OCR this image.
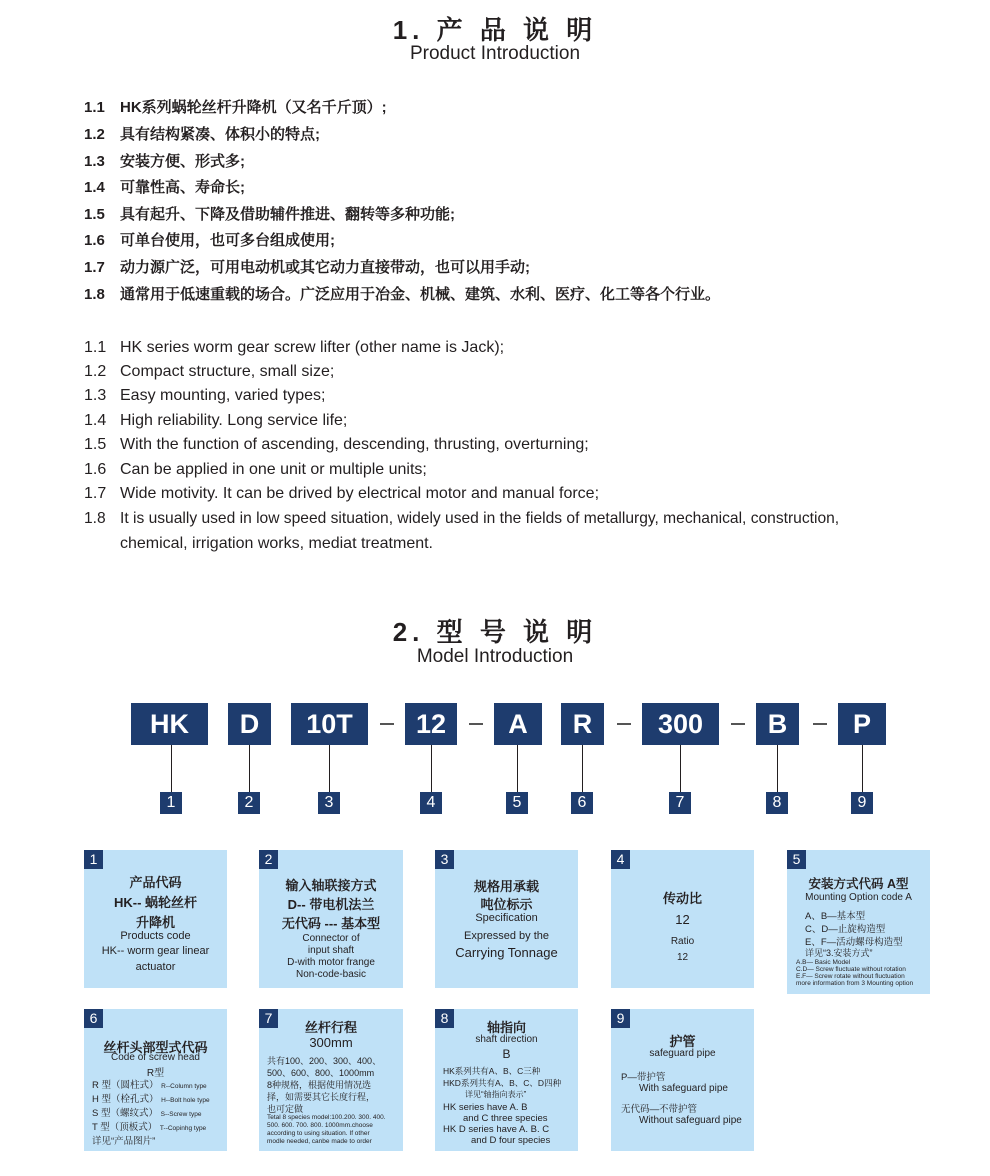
1. 产 品 说 明
Product Introduction
1.1 HK系列蜗轮丝杆升降机（又名千斤顶）;
1.2 具有结构紧凑、体积小的特点;
1.3 安装方便、形式多;
1.4 可靠性高、寿命长;
1.5 具有起升、下降及借助辅件推进、翻转等多种功能;
1.6 可单台使用，也可多台组成使用;
1.7 动力源广泛，可用电动机或其它动力直接带动，也可以用手动;
1.8 通常用于低速重载的场合。广泛应用于冶金、机械、建筑、水利、医疗、化工等各个行业。
1.1 HK series worm gear screw lifter (other name is Jack);
1.2 Compact structure, small size;
1.3 Easy mounting, varied types;
1.4 High reliability. Long service life;
1.5 With the function of ascending, descending, thrusting, overturning;
1.6 Can be applied in one unit or multiple units;
1.7 Wide motivity. It can be drived by electrical motor and manual force;
1.8 It is usually used in low speed situation, widely used in the fields of metallurgy, mechanical, construction,
chemical, irrigation works, mediat treatment.
2. 型 号 说 明
Model Introduction
HK	D	10T	12	A	R	300	B	P
1	2	3	4	5	6	7	8	9
1
产品代码
HK-- 蜗轮丝杆
升降机
Products code
HK-- worm gear linear
actuator
2
输入轴联接方式
D-- 带电机法兰
无代码 --- 基本型
Connector of
input shaft
D-with motor frange
Non-code-basic
3
规格用承载
吨位标示
Specification
Expressed by the
Carrying Tonnage
4
传动比
12
Ratio
12
5
安装方式代码 A型
Mounting Option code A
A、B—基本型
C、D—止旋构造型
E、F—活动螺母构造型
详见“3.安装方式”
A.B— Basic Model
C.D— Screw fluctuate without rotation
E.F— Screw rotate without fluctuation
more information from 3 Mounting option
6
丝杆头部型式代码
Code of screw head
R型
R 型（圆柱式） R--Column type
H 型（栓孔式） H--Bolt hole type
S 型（螺纹式） S--Screw type
T 型（顶板式） T--Copinhg type
详见“产品图片”
7
丝杆行程
300mm
共有100、200、300、400、
500、600、800、1000mm
8种规格，根据使用情况选
择，如需要其它长度行程，
也可定做
Tetal 8 species model:100.200. 300. 400.
500. 600. 700. 800. 1000mm.choose
according to using situation. If other
modle needed, canbe made to order
8
轴指向
shaft direction
B
HK系列共有A、B、C三种
HKD系列共有A、B、C、D四种
详见“轴指向表示”
HK series have A. B
and C three species
HK D series have A. B. C
and D four species
9
护管
safeguard pipe
P—带护管
With safeguard pipe
无代码—不带护管
Without safeguard pipe
